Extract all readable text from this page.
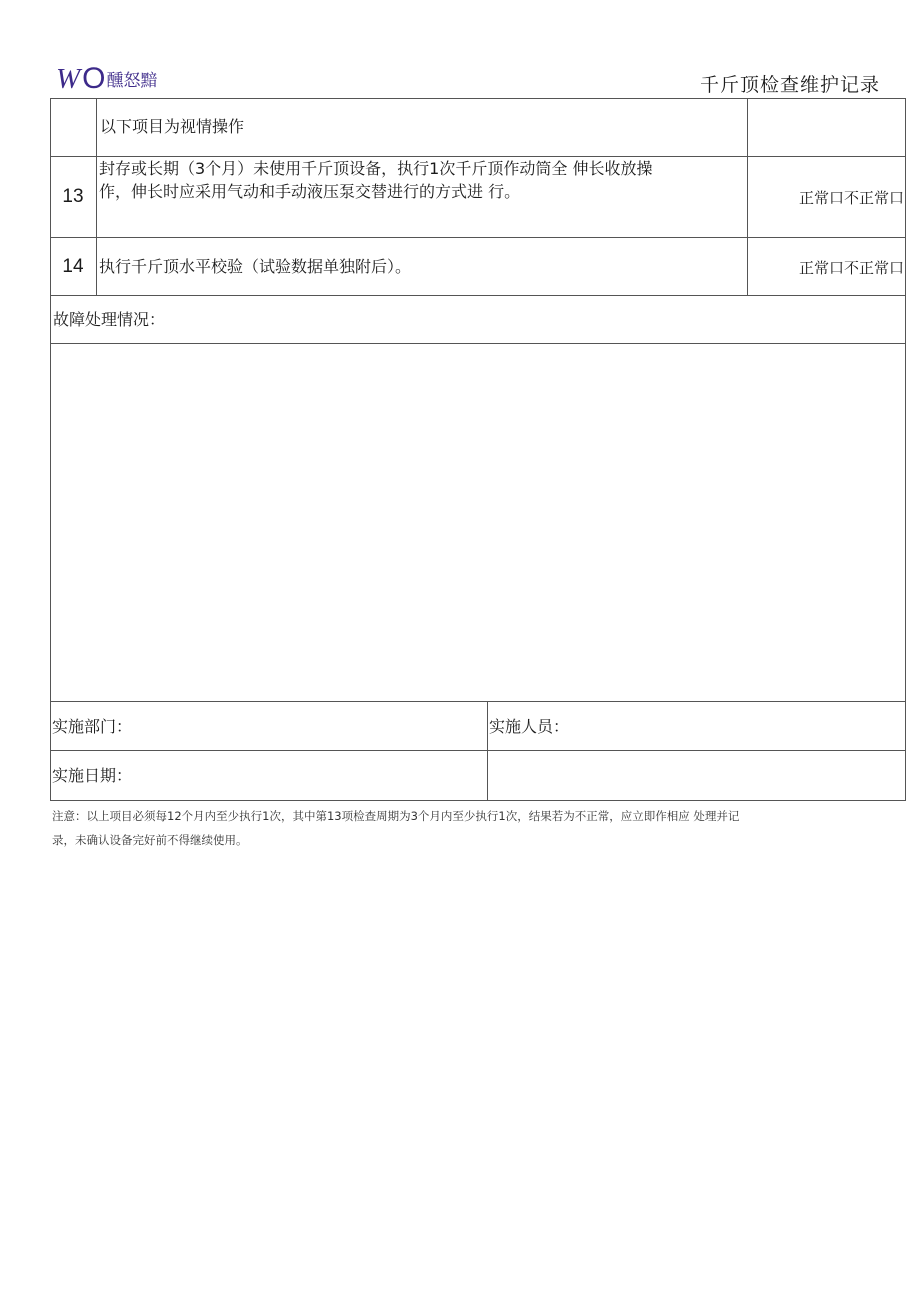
WO醺怒黯	千斤顶检查维护记录
以下项目为视情操作
13
封存或长期（3个月）未使用千斤顶设备，执行1次千斤顶作动筒全 伸长收放操
作，伸长时应采用气动和手动液压泵交替进行的方式进 行。	正常口不正常口
14 执行千斤顶水平校验（试验数据单独附后）。	正常口不正常口
故障处理情况：
实施部门：	实施人员：
实施日期：
注意：以上项目必须每12个月内至少执行1次，其中第13项检查周期为3个月内至少执行1次，结果若为不正常，应立即作相应 处理并记
录，未确认设备完好前不得继续使用。
